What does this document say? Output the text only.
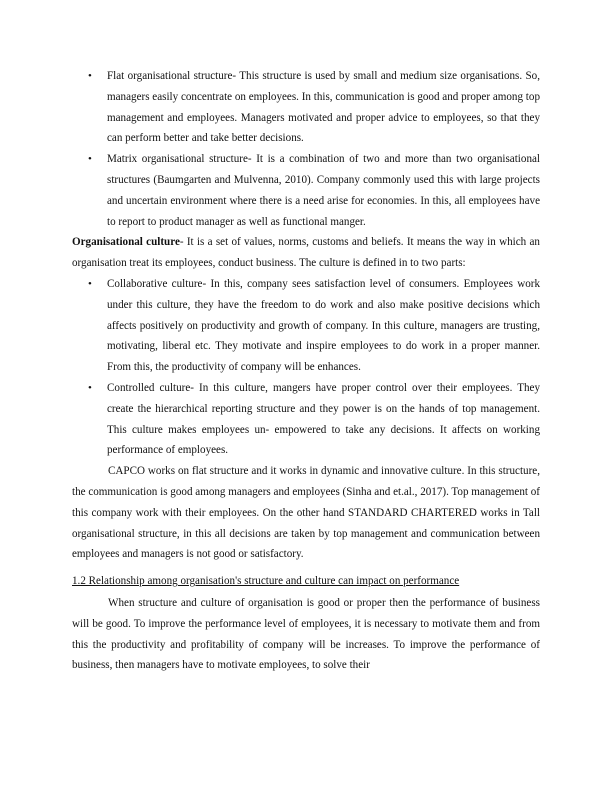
• Flat organisational structure- This structure is used by small and medium size organisations. So, managers easily concentrate on employees. In this, communication is good and proper among top management and employees. Managers motivated and proper advice to employees, so that they can perform better and take better decisions.
• Matrix organisational structure- It is a combination of two and more than two organisational structures (Baumgarten and Mulvenna, 2010). Company commonly used this with large projects and uncertain environment where there is a need arise for economies. In this, all employees have to report to product manager as well as functional manger.

Organisational culture- It is a set of values, norms, customs and beliefs. It means the way in which an organisation treat its employees, conduct business. The culture is defined in to two parts:

• Collaborative culture- In this, company sees satisfaction level of consumers. Employees work under this culture, they have the freedom to do work and also make positive decisions which affects positively on productivity and growth of company. In this culture, managers are trusting, motivating, liberal etc. They motivate and inspire employees to do work in a proper manner. From this, the productivity of company will be enhances.
• Controlled culture- In this culture, mangers have proper control over their employees. They create the hierarchical reporting structure and they power is on the hands of top management. This culture makes employees un- empowered to take any decisions. It affects on working performance of employees.

CAPCO works on flat structure and it works in dynamic and innovative culture. In this structure, the communication is good among managers and employees (Sinha and et.al., 2017). Top management of this company work with their employees. On the other hand STANDARD CHARTERED works in Tall organisational structure, in this all decisions are taken by top management and communication between employees and managers is not good or satisfactory.

1.2 Relationship among organisation's structure and culture can impact on performance

When structure and culture of organisation is good or proper then the performance of business will be good. To improve the performance level of employees, it is necessary to motivate them and from this the productivity and profitability of company will be increases. To improve the performance of business, then managers have to motivate employees, to solve their
